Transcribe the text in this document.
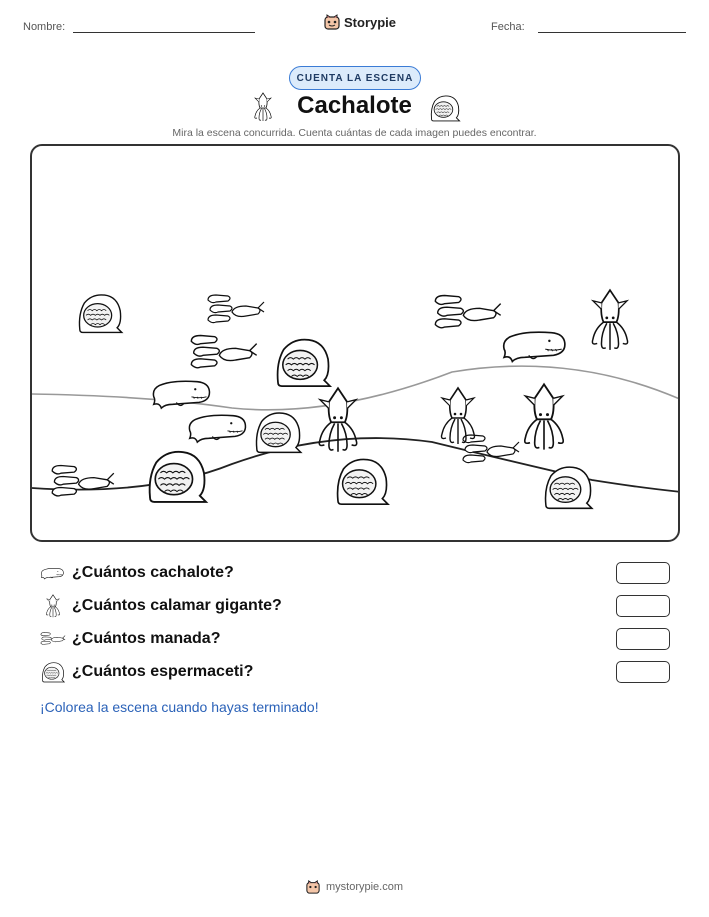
Nombre:	Storypie	Fecha:
CUENTA LA ESCENA
Cachalote
Mira la escena concurrida. Cuenta cuántas de cada imagen puedes encontrar.
¿Cuántos cachalote?
¿Cuántos calamar gigante?
¿Cuántos manada?
¿Cuántos espermaceti?
¡Colorea la escena cuando hayas terminado!
mystorypie.com
